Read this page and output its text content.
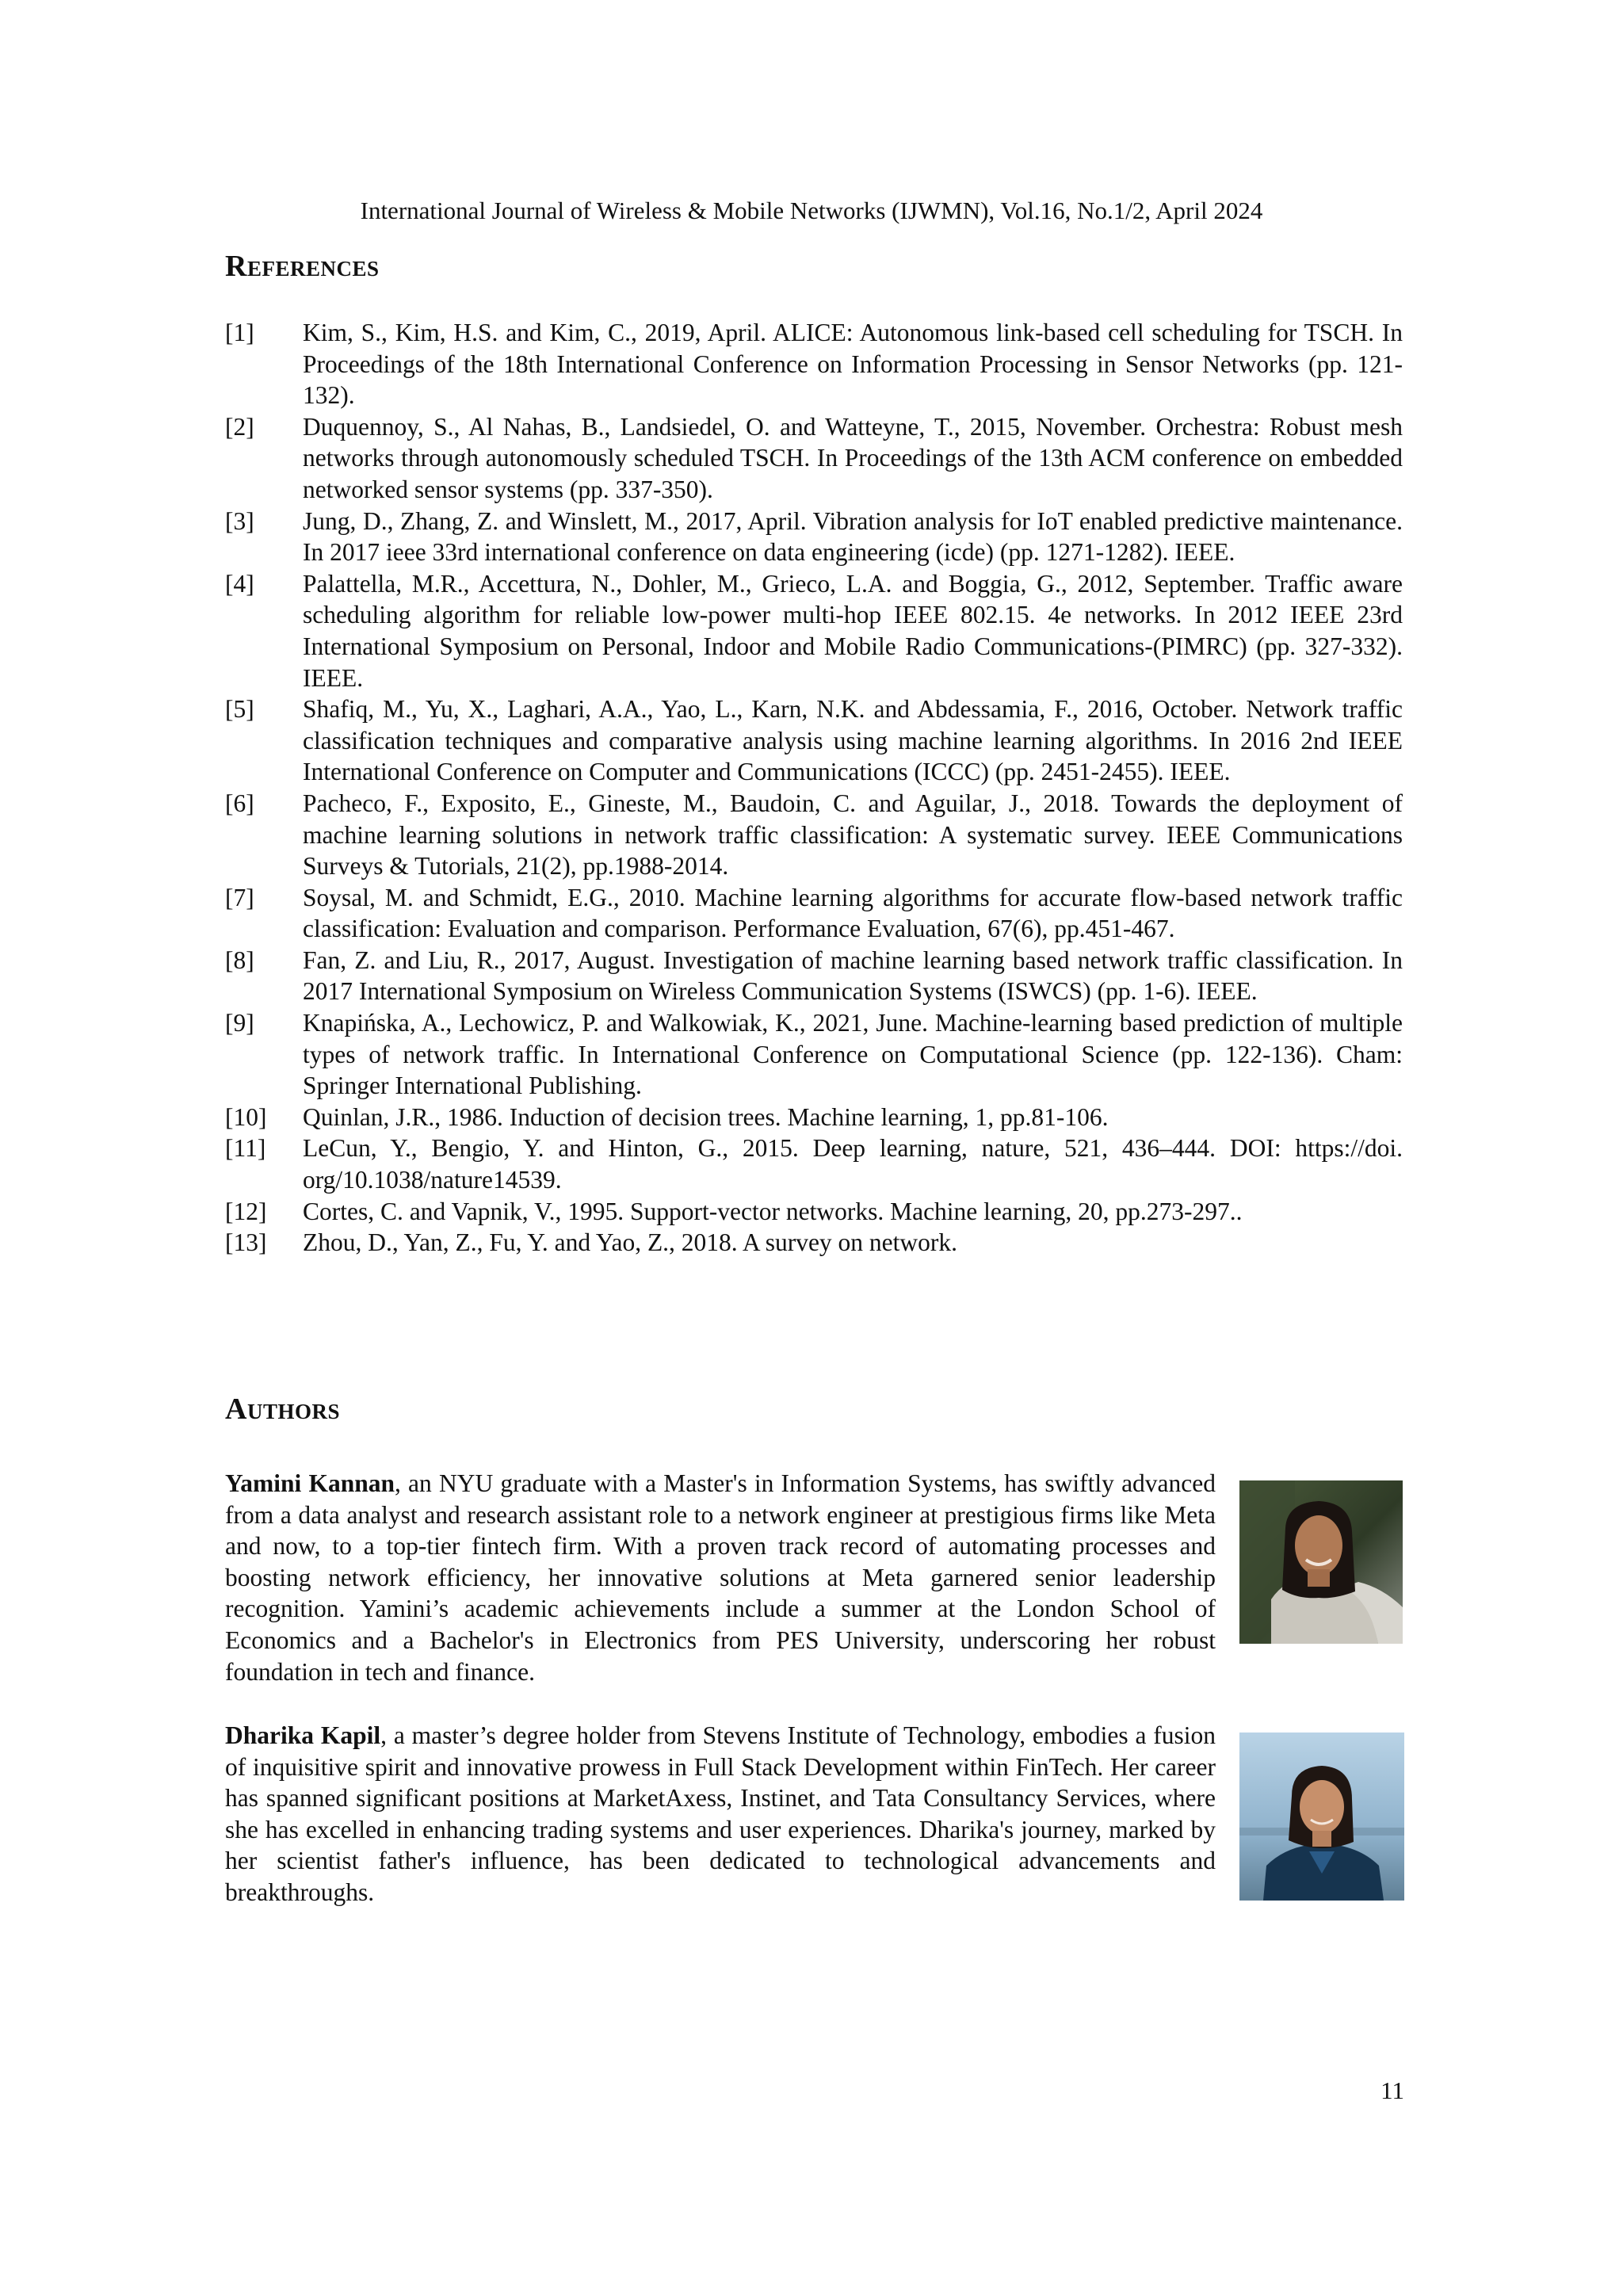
International Journal of Wireless & Mobile Networks (IJWMN), Vol.16, No.1/2, April 2024
References
[1]	Kim, S., Kim, H.S. and Kim, C., 2019, April. ALICE: Autonomous link-based cell scheduling for TSCH. In Proceedings of the 18th International Conference on Information Processing in Sensor Networks (pp. 121-132).
[2]	Duquennoy, S., Al Nahas, B., Landsiedel, O. and Watteyne, T., 2015, November. Orchestra: Robust mesh networks through autonomously scheduled TSCH. In Proceedings of the 13th ACM conference on embedded networked sensor systems (pp. 337-350).
[3]	Jung, D., Zhang, Z. and Winslett, M., 2017, April. Vibration analysis for IoT enabled predictive maintenance. In 2017 ieee 33rd international conference on data engineering (icde) (pp. 1271-1282). IEEE.
[4]	Palattella, M.R., Accettura, N., Dohler, M., Grieco, L.A. and Boggia, G., 2012, September. Traffic aware scheduling algorithm for reliable low-power multi-hop IEEE 802.15. 4e networks. In 2012 IEEE 23rd International Symposium on Personal, Indoor and Mobile Radio Communications-(PIMRC) (pp. 327-332). IEEE.
[5]	Shafiq, M., Yu, X., Laghari, A.A., Yao, L., Karn, N.K. and Abdessamia, F., 2016, October. Network traffic classification techniques and comparative analysis using machine learning algorithms. In 2016 2nd IEEE International Conference on Computer and Communications (ICCC) (pp. 2451-2455). IEEE.
[6]	Pacheco, F., Exposito, E., Gineste, M., Baudoin, C. and Aguilar, J., 2018. Towards the deployment of machine learning solutions in network traffic classification: A systematic survey. IEEE Communications Surveys & Tutorials, 21(2), pp.1988-2014.
[7]	Soysal, M. and Schmidt, E.G., 2010. Machine learning algorithms for accurate flow-based network traffic classification: Evaluation and comparison. Performance Evaluation, 67(6), pp.451-467.
[8]	Fan, Z. and Liu, R., 2017, August. Investigation of machine learning based network traffic classification. In 2017 International Symposium on Wireless Communication Systems (ISWCS) (pp. 1-6). IEEE.
[9]	Knapińska, A., Lechowicz, P. and Walkowiak, K., 2021, June. Machine-learning based prediction of multiple types of network traffic. In International Conference on Computational Science (pp. 122-136). Cham: Springer International Publishing.
[10]	Quinlan, J.R., 1986. Induction of decision trees. Machine learning, 1, pp.81-106.
[11]	LeCun, Y., Bengio, Y. and Hinton, G., 2015. Deep learning, nature, 521, 436–444. DOI: https://doi. org/10.1038/nature14539.
[12]	Cortes, C. and Vapnik, V., 1995. Support-vector networks. Machine learning, 20, pp.273-297..
[13]	Zhou, D., Yan, Z., Fu, Y. and Yao, Z., 2018. A survey on network.
Authors
Yamini Kannan, an NYU graduate with a Master's in Information Systems, has swiftly advanced from a data analyst and research assistant role to a network engineer at prestigious firms like Meta and now, to a top-tier fintech firm. With a proven track record of automating processes and boosting network efficiency, her innovative solutions at Meta garnered senior leadership recognition. Yamini’s academic achievements include a summer at the London School of Economics and a Bachelor's in Electronics from PES University, underscoring her robust foundation in tech and finance.
Dharika Kapil, a master’s degree holder from Stevens Institute of Technology, embodies a fusion of inquisitive spirit and innovative prowess in Full Stack Development within FinTech. Her career has spanned significant positions at MarketAxess, Instinet, and Tata Consultancy Services, where she has excelled in enhancing trading systems and user experiences. Dharika's journey, marked by her scientist father's influence, has been dedicated to technological advancements and breakthroughs.
11
